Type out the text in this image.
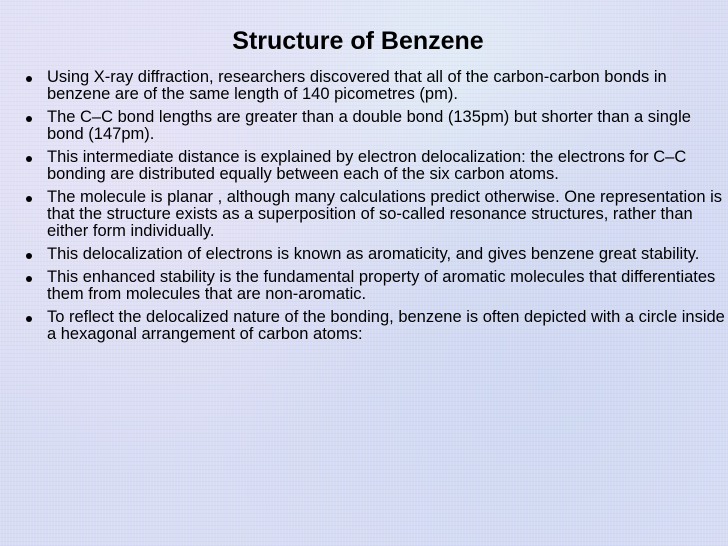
Structure of Benzene
Using X-ray diffraction, researchers discovered that all of the carbon-carbon bonds in benzene are of the same length of 140 picometres (pm).
The C–C bond lengths are greater than a double bond (135pm) but shorter than a single bond (147pm).
This intermediate distance is explained by electron delocalization: the electrons for C–C bonding are distributed equally between each of the six carbon atoms.
The molecule is planar , although many calculations predict otherwise. One representation is that the structure exists as a superposition of so-called resonance structures, rather than either form individually.
This delocalization of electrons is known as aromaticity, and gives benzene great stability.
This enhanced stability is the fundamental property of aromatic molecules that differentiates them from molecules that are non-aromatic.
To reflect the delocalized nature of the bonding, benzene is often depicted with a circle inside a hexagonal arrangement of carbon atoms:
